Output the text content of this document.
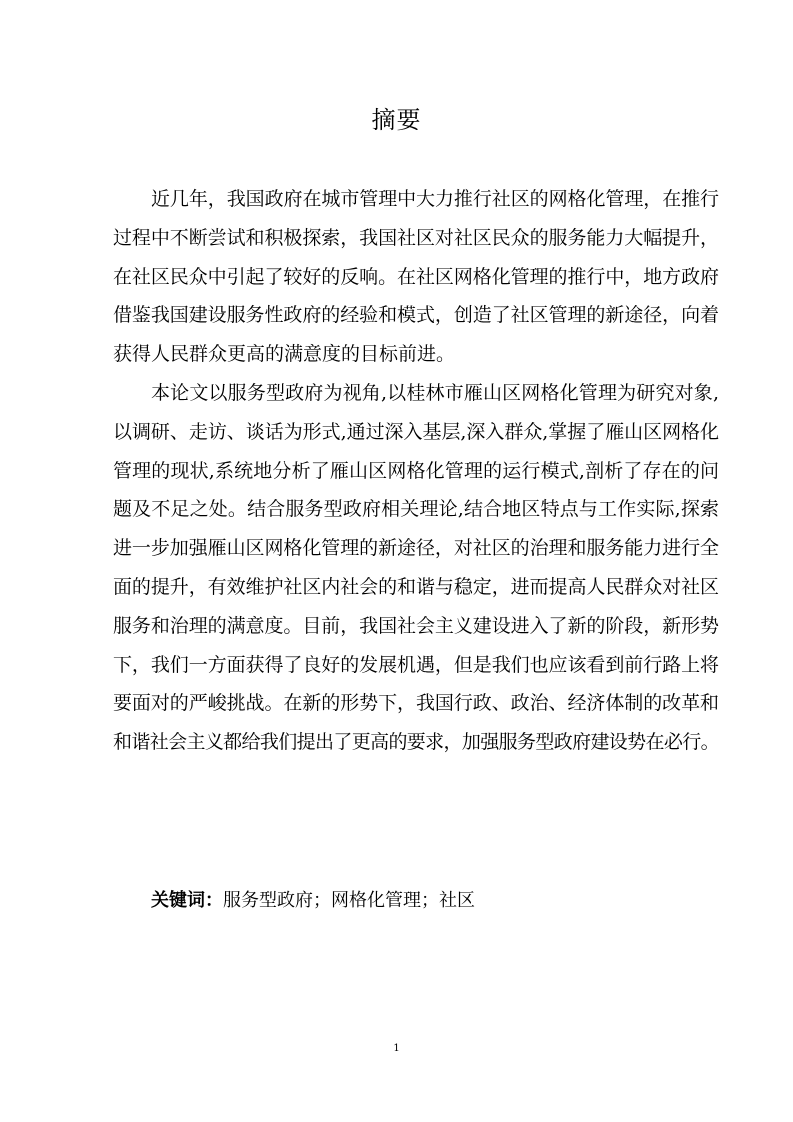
摘要
近几年，我国政府在城市管理中大力推行社区的网格化管理，在推行
过程中不断尝试和积极探索，我国社区对社区民众的服务能力大幅提升，
在社区民众中引起了较好的反响。在社区网格化管理的推行中，地方政府
借鉴我国建设服务性政府的经验和模式，创造了社区管理的新途径，向着
获得人民群众更高的满意度的目标前进。
本论文以服务型政府为视角,以桂林市雁山区网格化管理为研究对象,
以调研、走访、谈话为形式,通过深入基层,深入群众,掌握了雁山区网格化
管理的现状,系统地分析了雁山区网格化管理的运行模式,剖析了存在的问
题及不足之处。结合服务型政府相关理论,结合地区特点与工作实际,探索
进一步加强雁山区网格化管理的新途径，对社区的治理和服务能力进行全
面的提升，有效维护社区内社会的和谐与稳定，进而提高人民群众对社区
服务和治理的满意度。目前，我国社会主义建设进入了新的阶段，新形势
下，我们一方面获得了良好的发展机遇，但是我们也应该看到前行路上将
要面对的严峻挑战。在新的形势下，我国行政、政治、经济体制的改革和
和谐社会主义都给我们提出了更高的要求，加强服务型政府建设势在必行。
关键词：服务型政府；网格化管理；社区
1
